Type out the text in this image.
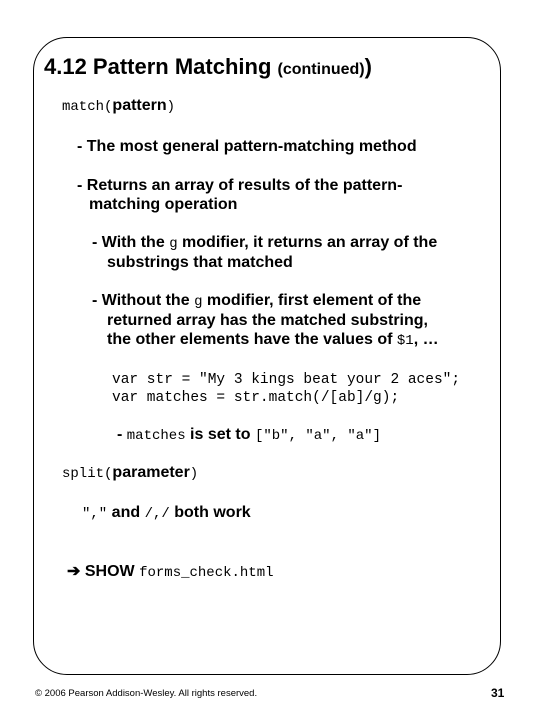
4.12 Pattern Matching (continued))
match(pattern)
- The most general pattern-matching method
- Returns an array of results of the pattern-
matching operation
- With the g modifier, it returns an array of the
substrings that matched
- Without the g modifier, first element of the
returned array has the matched substring,
the other elements have the values of $1, …
var str = "My 3 kings beat your 2 aces";
var matches = str.match(/[ab]/g);
- matches is set to ["b", "a", "a"]
split(parameter)
"," and /,/ both work
➔ SHOW forms_check.html
© 2006 Pearson Addison-Wesley. All rights reserved.	31
